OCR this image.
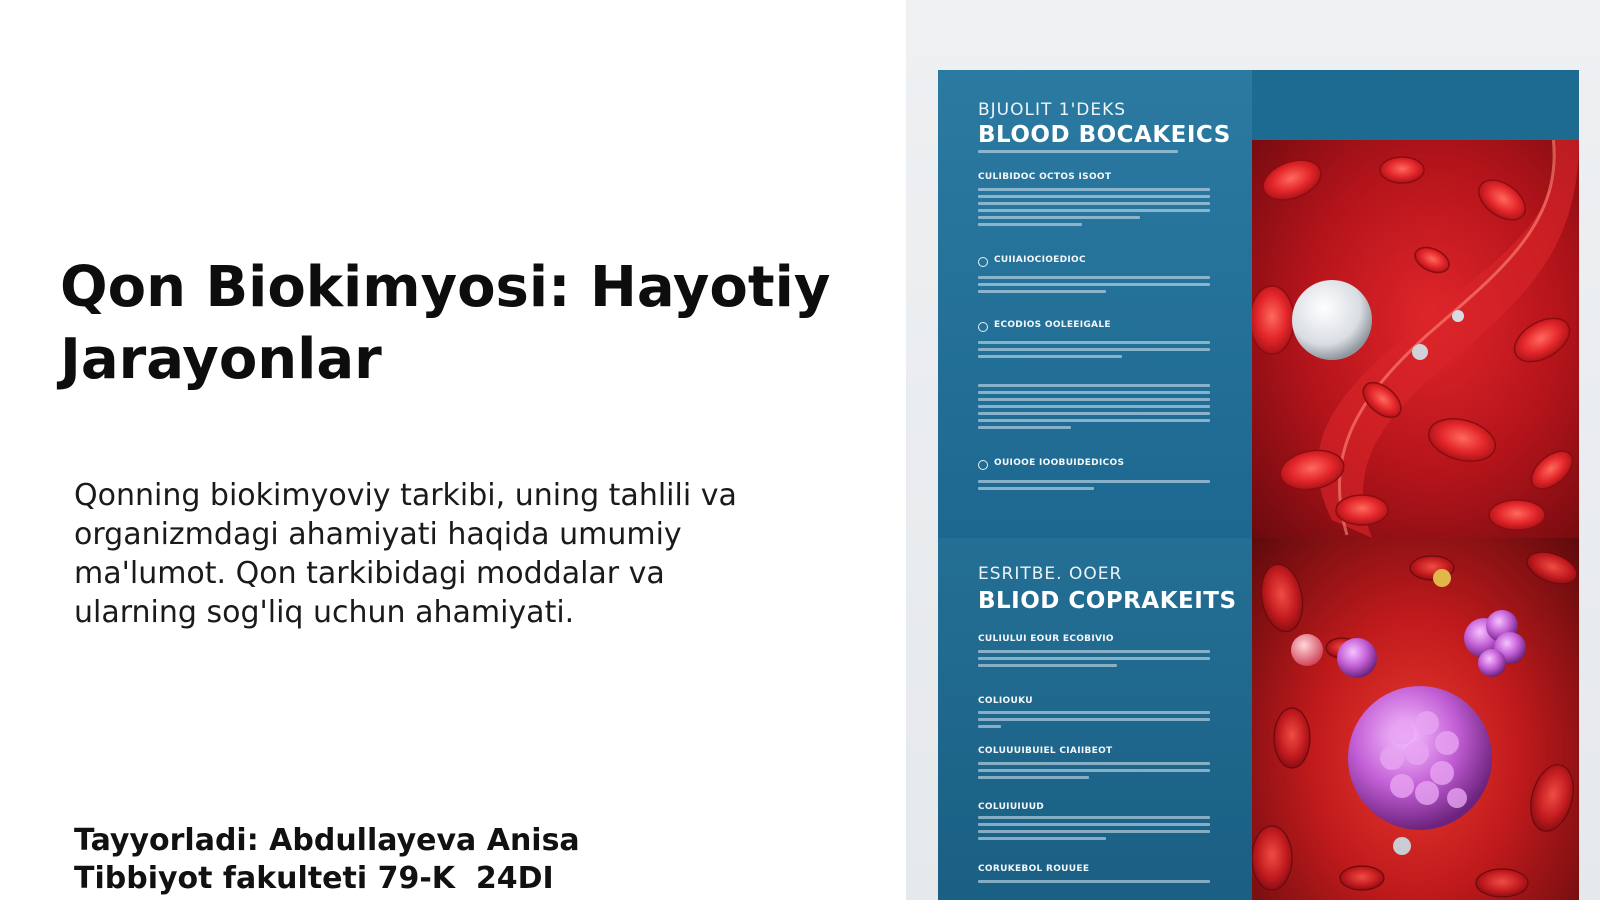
Qon Biokimyosi: Hayotiy Jarayonlar

Qonning biokimyoviy tarkibi, uning tahlili va organizmdagi ahamiyati haqida umumiy ma'lumot. Qon tarkibidagi moddalar va ularning sog'liq uchun ahamiyati.

Tayyorladi: Abdullayeva Anisa
Tibbiyot fakulteti 79-K  24DI

BJUOLIT 1'DEKS

BLOOD BOCAKEICS

CULIBIDOC OCTOS ISOOT

CUIIAIOCIOEDIOC

ECODIOS OOLEEIGALE

OUIOOE IOOBUIDEDICOS

ESRITBE. OOER

BLIOD COPRAKEITS

CULIULUI EOUR ECOBIVIO

COLIOUKU

COLUUUIBUIEL CIAIIBEOT

COLUIUIUUD

CORUKEBOL ROUUEE
